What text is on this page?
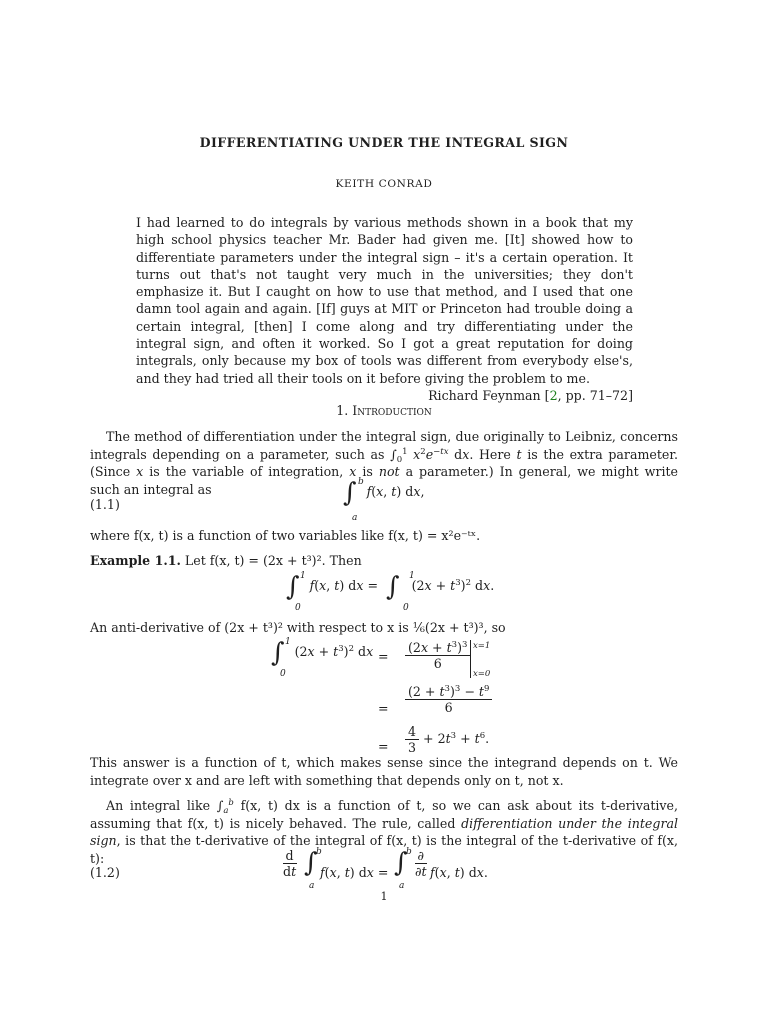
DIFFERENTIATING UNDER THE INTEGRAL SIGN
KEITH CONRAD
I had learned to do integrals by various methods shown in a book that my high school physics teacher Mr. Bader had given me. [It] showed how to differentiate parameters under the integral sign – it's a certain operation. It turns out that's not taught very much in the universities; they don't emphasize it. But I caught on how to use that method, and I used that one damn tool again and again. [If] guys at MIT or Princeton had trouble doing a certain integral, [then] I come along and try differentiating under the integral sign, and often it worked. So I got a great reputation for doing integrals, only because my box of tools was different from everybody else's, and they had tried all their tools on it before giving the problem to me.
Richard Feynman [2, pp. 71–72]
1. Introduction
The method of differentiation under the integral sign, due originally to Leibniz, concerns integrals depending on a parameter, such as $\int_0^1$ $x^2e^{-tx}$ dx. Here t is the extra parameter. (Since x is the variable of integration, x is not a parameter.) In general, we might write such an integral as
(1.1)	∫ b
a
f(x, t) dx,
where f(x, t) is a function of two variables like f(x, t) = x²e⁻ᵗˣ.
Example 1.1. Let f(x, t) = (2x + t³)². Then
∫ 1
0
f(x, t) dx = ∫ 1
0
$(2x + t^3)^2$ dx.
An anti-derivative of (2x + t³)² with respect to x is ⅙(2x + t³)³, so
∫ 1
0
$(2x + t^3)^2$ dx = $\frac{(2x + t^3)^3}{6} x=1$
x=0
= $\frac{(2 + t^3)^3 - t^9}{6}$
= $\frac{4}{3} + 2t^3 + t^6$.
This answer is a function of t, which makes sense since the integrand depends on t. We integrate over x and are left with something that depends only on t, not x.
An integral like $\int_a^b$ f(x, t) dx is a function of t, so we can ask about its t-derivative, assuming that f(x, t) is nicely behaved. The rule, called differentiation under the integral sign, is that the t-derivative of the integral of f(x, t) is the integral of the t-derivative of f(x, t):
(1.2)	$\frac{d}{dt}$ ∫
b
a
f(x, t) dx = ∫
b
a
$\frac{\partial}{\partial t} f(x$, t) dx.
1
